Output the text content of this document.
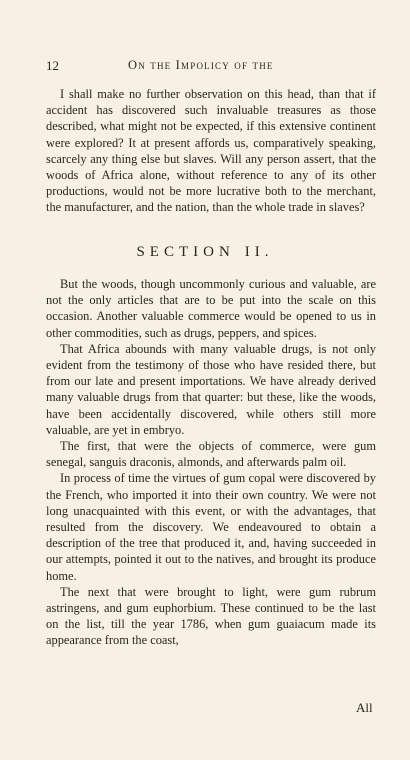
12	On the Impolicy of the

I shall make no further observation on this head, than that if accident has discovered such invaluable treasures as those described, what might not be expected, if this extensive continent were explored? It at present affords us, comparatively speaking, scarcely any thing else but slaves. Will any person assert, that the woods of Africa alone, without reference to any of its other productions, would not be more lucrative both to the merchant, the manufacturer, and the nation, than the whole trade in slaves?

SECTION II.

But the woods, though uncommonly curious and valuable, are not the only articles that are to be put into the scale on this occasion. Another valuable commerce would be opened to us in other commodities, such as drugs, peppers, and spices.

That Africa abounds with many valuable drugs, is not only evident from the testimony of those who have resided there, but from our late and present importations. We have already derived many valuable drugs from that quarter: but these, like the woods, have been accidentally discovered, while others still more valuable, are yet in embryo.

The first, that were the objects of commerce, were gum senegal, sanguis draconis, almonds, and afterwards palm oil.

In process of time the virtues of gum copal were discovered by the French, who imported it into their own country. We were not long unacquainted with this event, or with the advantages, that resulted from the discovery. We endeavoured to obtain a description of the tree that produced it, and, having succeeded in our attempts, pointed it out to the natives, and brought its produce home.

The next that were brought to light, were gum rubrum astringens, and gum euphorbium. These continued to be the last on the list, till the year 1786, when gum guaiacum made its appearance from the coast,

All
